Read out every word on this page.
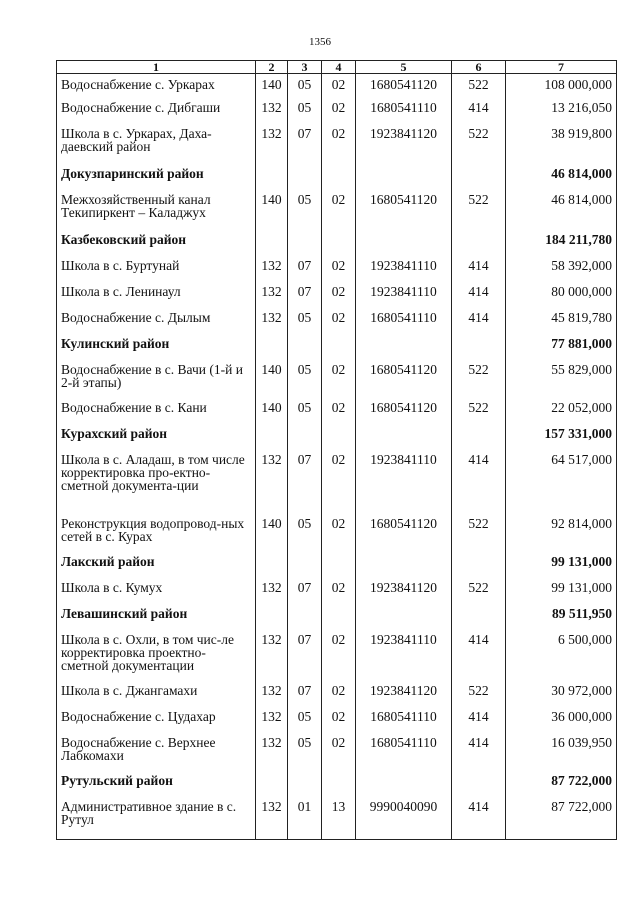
1356
1	2	3	4	5	6	7
Водоснабжение с. Уркарах	140	05	02	1680541120	522	108 000,000
Водоснабжение с. Дибгаши	132	05	02	1680541110	414	13 216,050
Школа в с. Уркарах, Даха-даевский район	132	07	02	1923841120	522	38 919,800
Докузпаринский район						46 814,000
Межхозяйственный канал Текипиркент – Каладжух	140	05	02	1680541120	522	46 814,000
Казбековский район						184 211,780
Школа в с. Буртунай	132	07	02	1923841110	414	58 392,000
Школа в с. Ленинаул	132	07	02	1923841110	414	80 000,000
Водоснабжение с. Дылым	132	05	02	1680541110	414	45 819,780
Кулинский район						77 881,000
Водоснабжение в с. Вачи (1-й и 2-й этапы)	140	05	02	1680541120	522	55 829,000
Водоснабжение в с. Кани	140	05	02	1680541120	522	22 052,000
Курахский район						157 331,000
Школа в с. Аладаш, в том числе корректировка про-ектно-сметной документа-ции	132	07	02	1923841110	414	64 517,000
Реконструкция водопровод-ных сетей в с. Курах	140	05	02	1680541120	522	92 814,000
Лакский район						99 131,000
Школа в с. Кумух	132	07	02	1923841120	522	99 131,000
Левашинский район						89 511,950
Школа в с. Охли, в том чис-ле корректировка проектно-сметной документации	132	07	02	1923841110	414	6 500,000
Школа в с. Джангамахи	132	07	02	1923841120	522	30 972,000
Водоснабжение с. Цудахар	132	05	02	1680541110	414	36 000,000
Водоснабжение с. Верхнее Лабкомахи	132	05	02	1680541110	414	16 039,950
Рутульский район						87 722,000
Административное здание в с. Рутул	132	01	13	9990040090	414	87 722,000
